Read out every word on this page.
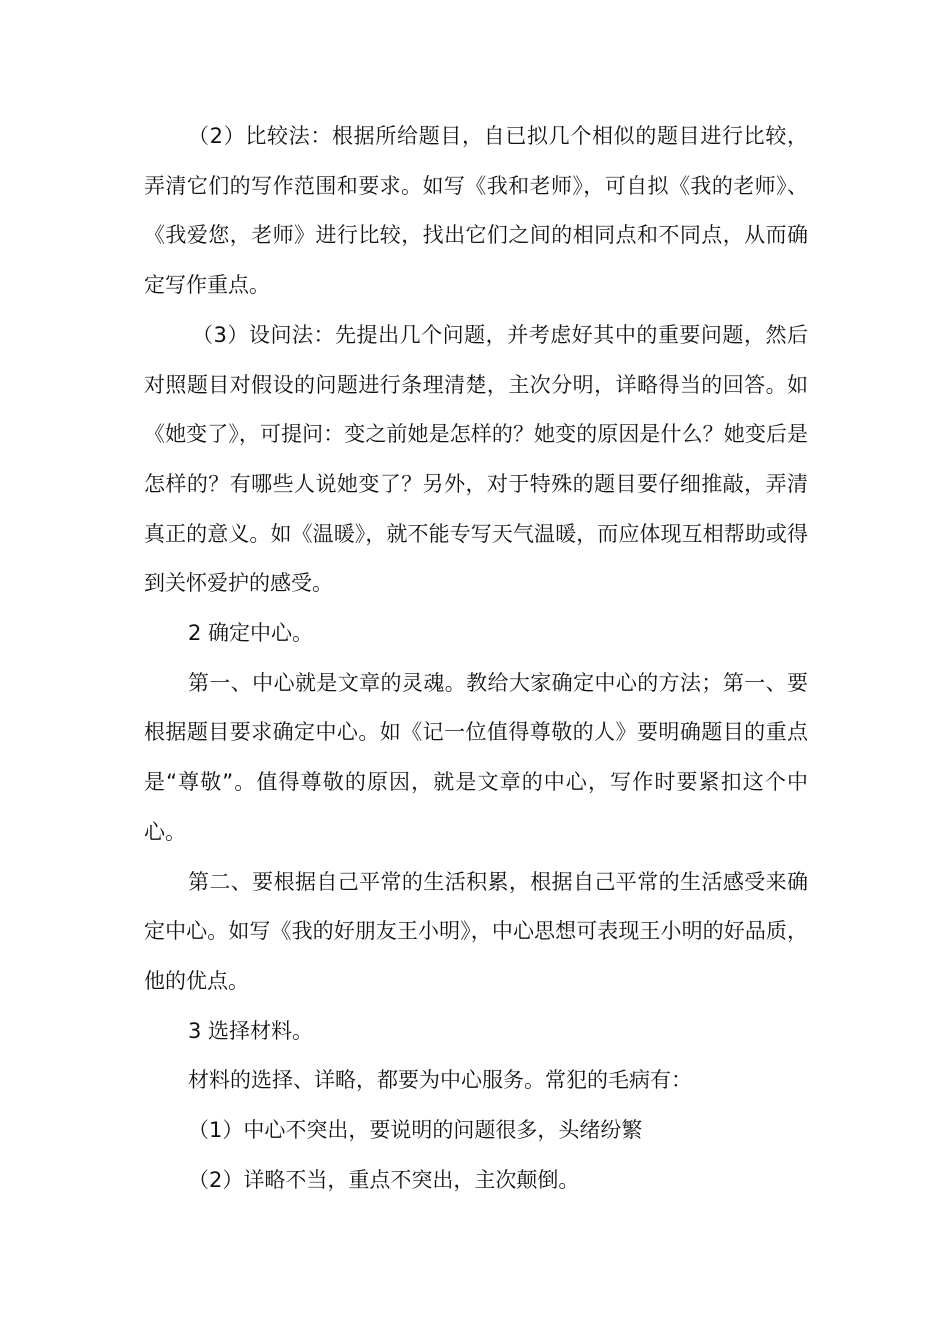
（2）比较法：根据所给题目，自已拟几个相似的题目进行比较，弄清它们的写作范围和要求。如写《我和老师》，可自拟《我的老师》、《我爱您，老师》进行比较，找出它们之间的相同点和不同点，从而确定写作重点。

（3）设问法：先提出几个问题，并考虑好其中的重要问题，然后对照题目对假设的问题进行条理清楚，主次分明，详略得当的回答。如《她变了》，可提问：变之前她是怎样的？她变的原因是什么？她变后是怎样的？有哪些人说她变了？另外，对于特殊的题目要仔细推敲，弄清真正的意义。如《温暖》，就不能专写天气温暖，而应体现互相帮助或得到关怀爱护的感受。

2 确定中心。

第一、中心就是文章的灵魂。教给大家确定中心的方法；第一、要根据题目要求确定中心。如《记一位值得尊敬的人》要明确题目的重点是“尊敬”。值得尊敬的原因，就是文章的中心，写作时要紧扣这个中心。

第二、要根据自己平常的生活积累，根据自己平常的生活感受来确定中心。如写《我的好朋友王小明》，中心思想可表现王小明的好品质，他的优点。

3 选择材料。

材料的选择、详略，都要为中心服务。常犯的毛病有：

（1）中心不突出，要说明的问题很多，头绪纷繁

（2）详略不当，重点不突出，主次颠倒。
